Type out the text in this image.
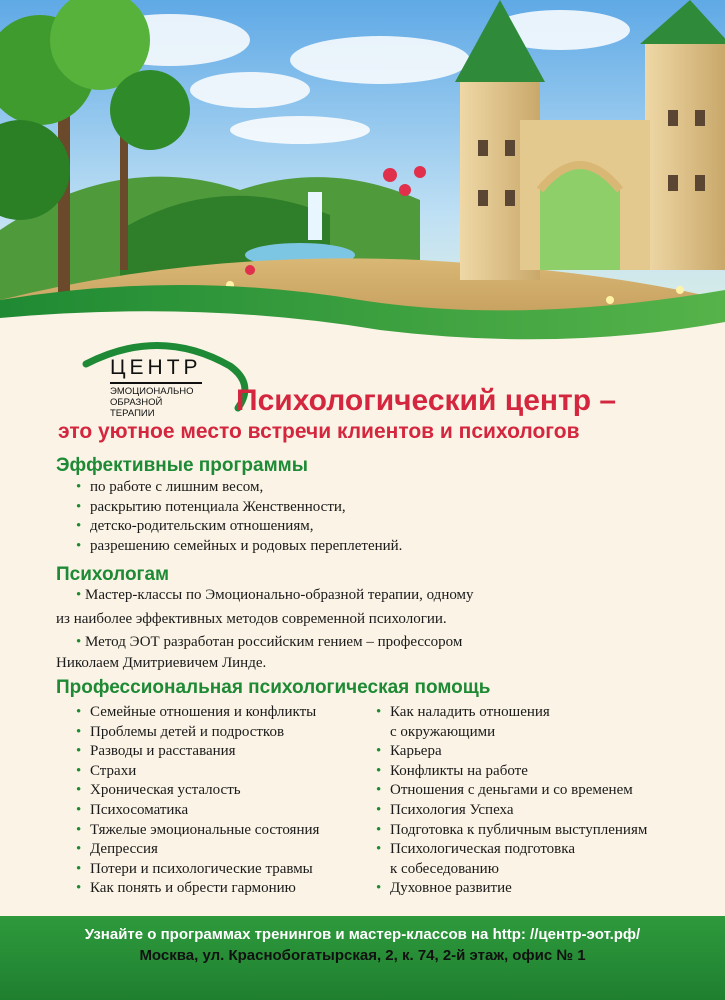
ЦЕНТР
ЭМОЦИОНАЛЬНО
ОБРАЗНОЙ
ТЕРАПИИ	Психологический центр –
это уютное место встречи клиентов и психологов
Эффективные программы
• по работе с лишним весом,
• раскрытию потенциала Женственности,
• детско-родительским отношениям,
• разрешению семейных и родовых переплетений.
Психологам
• Мастер-классы по Эмоционально-образной терапии, одному
из наиболее эффективных методов современной психологии.
• Метод ЭОТ разработан российским гением – профессором
Николаем Дмитриевичем Линде.
Профессиональная психологическая помощь
• Семейные отношения и конфликты
• Проблемы детей и подростков
• Разводы и расставания
• Страхи
• Хроническая усталость
• Психосоматика
• Тяжелые эмоциональные состояния
• Депрессия
• Потери и психологические травмы
• Как понять и обрести гармонию
• Как наладить отношения
с окружающими
• Карьера
• Конфликты на работе
• Отношения с деньгами и со временем
• Психология Успеха
• Подготовка к публичным выступлениям
• Психологическая подготовка
к собеседованию
• Духовное развитие
Узнайте о программах тренингов и мастер-классов на http: //центр-эот.рф/
Москва, ул. Краснобогатырская, 2, к. 74, 2-й этаж, офис № 1
